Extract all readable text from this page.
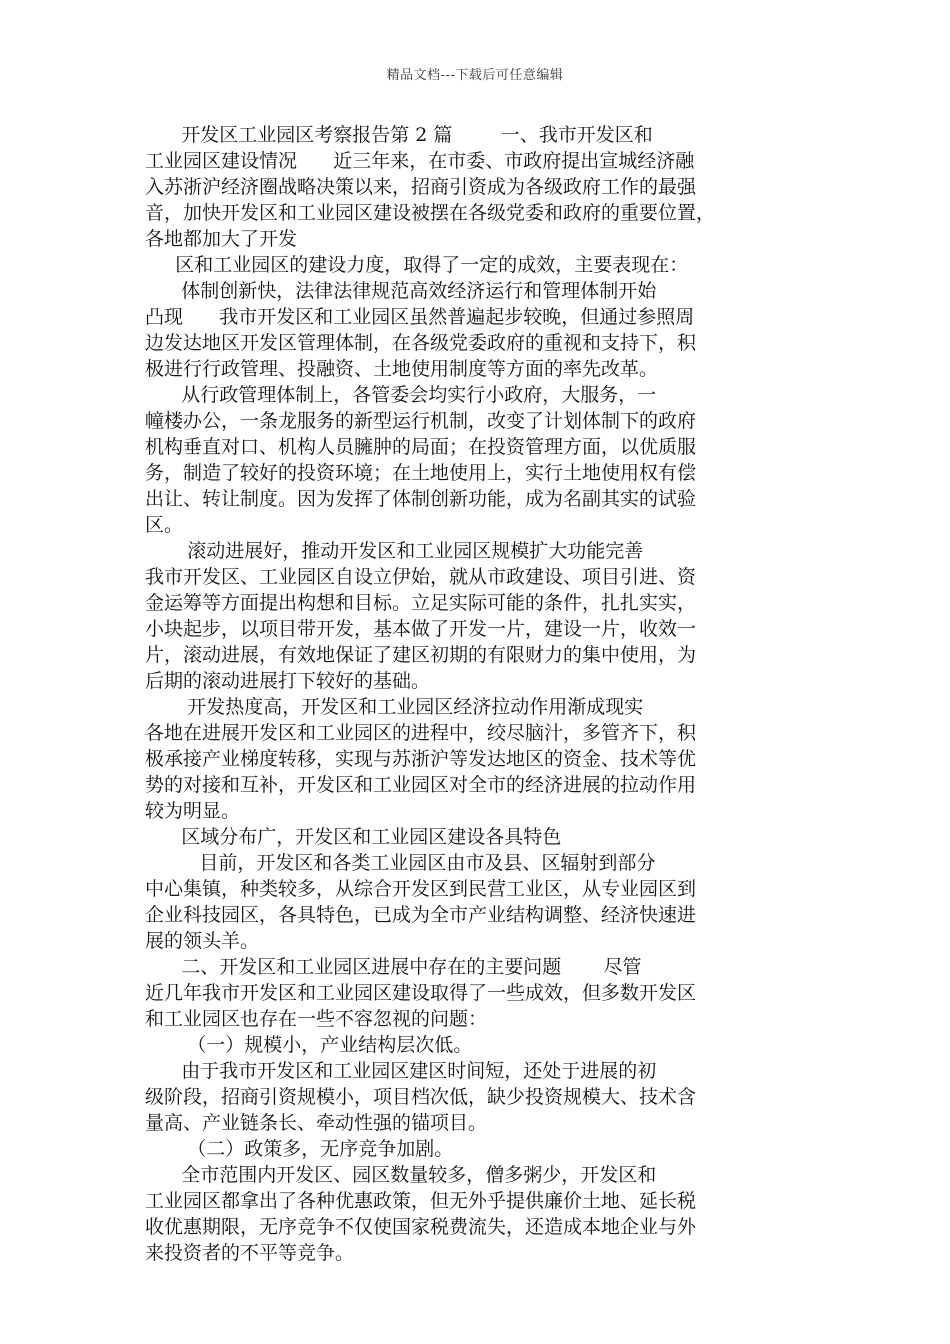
精品文档---下载后可任意编辑
开发区工业园区考察报告第 2 篇        一、我市开发区和
工业园区建设情况      近三年来，在市委、市政府提出宣城经济融
入苏浙沪经济圈战略决策以来，招商引资成为各级政府工作的最强
音，加快开发区和工业园区建设被摆在各级党委和政府的重要位置，
各地都加大了开发
区和工业园区的建设力度，取得了一定的成效，主要表现在：
体制创新快，法律法律规范高效经济运行和管理体制开始
凸现      我市开发区和工业园区虽然普遍起步较晚，但通过参照周
边发达地区开发区管理体制，在各级党委政府的重视和支持下，积
极进行行政管理、投融资、土地使用制度等方面的率先改革。
从行政管理体制上，各管委会均实行小政府，大服务，一
幢楼办公，一条龙服务的新型运行机制，改变了计划体制下的政府
机构垂直对口、机构人员臃肿的局面；在投资管理方面，以优质服
务，制造了较好的投资环境；在土地使用上，实行土地使用权有偿
出让、转让制度。因为发挥了体制创新功能，成为名副其实的试验
区。
滚动进展好，推动开发区和工业园区规模扩大功能完善
我市开发区、工业园区自设立伊始，就从市政建设、项目引进、资
金运筹等方面提出构想和目标。立足实际可能的条件，扎扎实实，
小块起步，以项目带开发，基本做了开发一片，建设一片，收效一
片，滚动进展，有效地保证了建区初期的有限财力的集中使用，为
后期的滚动进展打下较好的基础。
开发热度高，开发区和工业园区经济拉动作用渐成现实
各地在进展开发区和工业园区的进程中，绞尽脑汁，多管齐下，积
极承接产业梯度转移，实现与苏浙沪等发达地区的资金、技术等优
势的对接和互补，开发区和工业园区对全市的经济进展的拉动作用
较为明显。
区域分布广，开发区和工业园区建设各具特色
目前，开发区和各类工业园区由市及县、区辐射到部分
中心集镇，种类较多，从综合开发区到民营工业区，从专业园区到
企业科技园区，各具特色，已成为全市产业结构调整、经济快速进
展的领头羊。
二、开发区和工业园区进展中存在的主要问题       尽管
近几年我市开发区和工业园区建设取得了一些成效，但多数开发区
和工业园区也存在一些不容忽视的问题：
（一）规模小，产业结构层次低。
由于我市开发区和工业园区建区时间短，还处于进展的初
级阶段，招商引资规模小，项目档次低，缺少投资规模大、技术含
量高、产业链条长、牵动性强的锚项目。
（二）政策多，无序竞争加剧。
全市范围内开发区、园区数量较多，僧多粥少，开发区和
工业园区都拿出了各种优惠政策，但无外乎提供廉价土地、延长税
收优惠期限，无序竞争不仅使国家税费流失，还造成本地企业与外
来投资者的不平等竞争。
